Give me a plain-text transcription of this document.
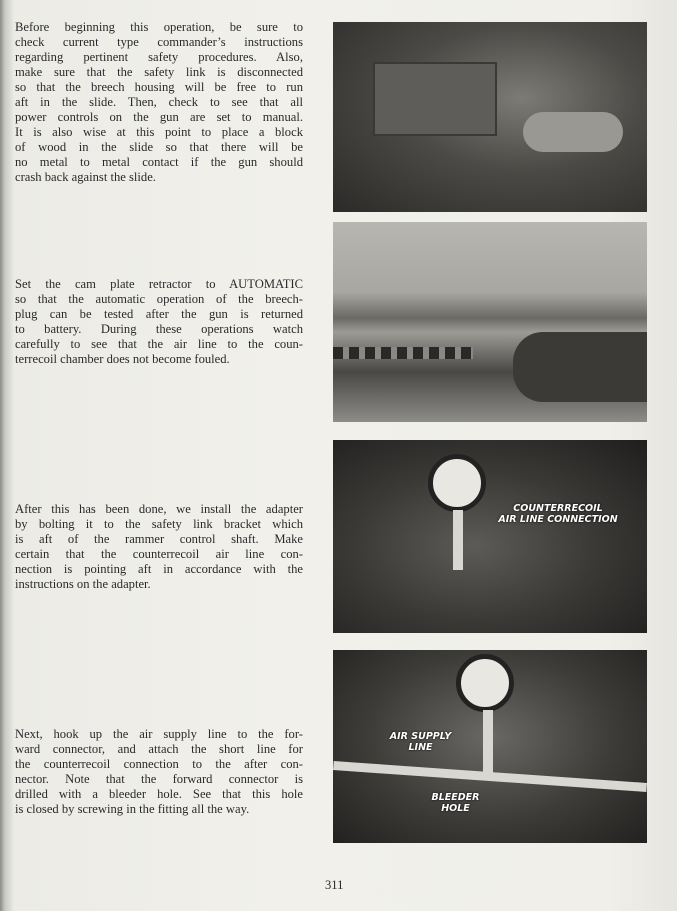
Before beginning this operation, be sure to
check current type commander’s instructions
regarding pertinent safety procedures. Also,
make sure that the safety link is disconnected
so that the breech housing will be free to run
aft in the slide. Then, check to see that all
power controls on the gun are set to manual.
It is also wise at this point to place a block
of wood in the slide so that there will be
no metal to metal contact if the gun should
crash back against the slide.
Set the cam plate retractor to AUTOMATIC
so that the automatic operation of the breech-
plug can be tested after the gun is returned
to battery. During these operations watch
carefully to see that the air line to the coun-
terrecoil chamber does not become fouled.
After this has been done, we install the adapter
by bolting it to the safety link bracket which
is aft of the rammer control shaft. Make
certain that the counterrecoil air line con-
nection is pointing aft in accordance with the
instructions on the adapter.
Next, hook up the air supply line to the for-
ward connector, and attach the short line for
the counterrecoil connection to the after con-
nector. Note that the forward connector is
drilled with a bleeder hole. See that this hole
is closed by screwing in the fitting all the way.
COUNTERRECOIL
AIR LINE CONNECTION
AIR SUPPLY
LINE
BLEEDER
HOLE
311
